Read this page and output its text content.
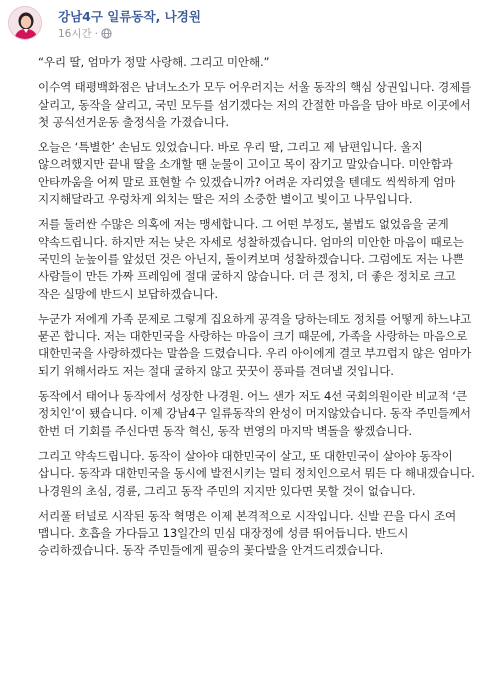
강남4구 일류동작, 나경원
16시간 ·

“우리 딸, 엄마가 정말 사랑해. 그리고 미안해.”

이수역 태평백화점은 남녀노소가 모두 어우러지는 서울 동작의 핵심 상권입니다. 경제를 살리고, 동작을 살리고, 국민 모두를 섬기겠다는 저의 간절한 마음을 담아 바로 이곳에서 첫 공식선거운동 출정식을 가졌습니다.

오늘은 ‘특별한’ 손님도 있었습니다. 바로 우리 딸, 그리고 제 남편입니다. 울지 않으려했지만 끝내 딸을 소개할 땐 눈물이 고이고 목이 잠기고 말았습니다. 미안함과 안타까움을 어찌 말로 표현할 수 있겠습니까? 어려운 자리였을 텐데도 씩씩하게 엄마 지지해달라고 우렁차게 외치는 딸은 저의 소중한 별이고 빛이고 나무입니다.

저를 둘러싼 수많은 의혹에 저는 맹세합니다. 그 어떤 부정도, 불법도 없었음을 굳게 약속드립니다. 하지만 저는 낮은 자세로 성찰하겠습니다. 엄마의 미안한 마음이 때로는 국민의 눈높이를 앞섰던 것은 아닌지, 돌이켜보며 성찰하겠습니다. 그럼에도 저는 나쁜 사람들이 만든 가짜 프레임에 절대 굴하지 않습니다. 더 큰 정치, 더 좋은 정치로 크고 작은 실망에 반드시 보답하겠습니다.

누군가 저에게 가족 문제로 그렇게 집요하게 공격을 당하는데도 정치를 어떻게 하느냐고 묻곤 합니다. 저는 대한민국을 사랑하는 마음이 크기 때문에, 가족을 사랑하는 마음으로 대한민국을 사랑하겠다는 말씀을 드렸습니다. 우리 아이에게 결코 부끄럽지 않은 엄마가 되기 위해서라도 저는 절대 굴하지 않고 꿋꿋이 풍파를 견뎌낼 것입니다.

동작에서 태어나 동작에서 성장한 나경원. 어느 샌가 저도 4선 국회의원이란 비교적 ‘큰 정치인’이 됐습니다. 이제 강남4구 일류동작의 완성이 머지않았습니다. 동작 주민들께서 한번 더 기회를 주신다면 동작 혁신, 동작 번영의 마지막 벽돌을 쌓겠습니다.

그리고 약속드립니다. 동작이 살아야 대한민국이 살고, 또 대한민국이 살아야 동작이 삽니다. 동작과 대한민국을 동시에 발전시키는 멀티 정치인으로서 뭐든 다 해내겠습니다. 나경원의 초심, 경륜, 그리고 동작 주민의 지지만 있다면 못할 것이 없습니다.

서리풀 터널로 시작된 동작 혁명은 이제 본격적으로 시작입니다. 신발 끈을 다시 조여 맵니다. 호흡을 가다듬고 13일간의 민심 대장정에 성큼 뛰어듭니다. 반드시 승리하겠습니다. 동작 주민들에게 필승의 꽃다발을 안겨드리겠습니다.
